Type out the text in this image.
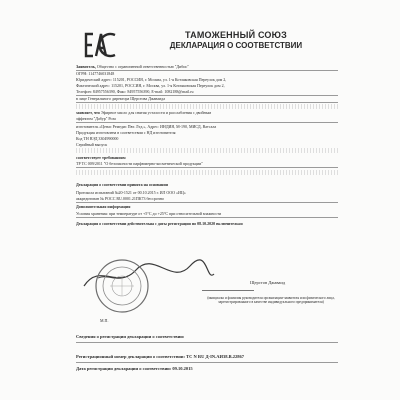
ТАМОЖЕННЫЙ СОЮЗ
ДЕКЛАРАЦИЯ О СООТВЕТСТВИИ
Заявитель, Общество с ограниченной ответственностью "Дибис"
ОГРН: 1147746031848
Юридический адрес: 115201, РОССИЯ, г. Москва, ул. 1-я Котляковская Переулок дом 2,
Фактический адрес: 115201, РОССИЯ, г. Москва, ул. 1-я Котляковская Переулок дом 2,
Телефон: 84957556390, Факс: 84957556390, E-mail: 1082188@mail.ru
в лице Генерального директора Щерстова Джаваида
заявляет, что Эфирное масло для снятия усталости и расслабления с двойным
эффектом "Дабур" Роза
изготовитель «Ценас Ремедис Пвт. Лтд.», Адрес: ИНДИЯ, М-190, МИСД, Ватсала
Продукция изготовлена в соответствии с НД изготовителя
Код ТН ВЭД 3304990000
Серийный выпуск
соответствует требованиям
ТР ТС 009/2011 "О безопасности парфюмерно-косметической продукции"
Декларация о соответствии принята на основании
Протокола испытаний №20-1521 от 00.10.2015 г. ИЛ ООО «ИЦ»
аккредитован № РОСС RU.0001.21ПК73 бессрочно
Дополнительная информация
Условия хранения: при температуре от +5°С до +25°С при относительной влажности
Декларация о соответствии действительна с даты регистрации по 08.10.2020 включительно
Щерстов Джаваид
(инициалы и фамилия руководителя организации-заявителя или физического лица, зарегистрированного в качестве индивидуального предпринимателя)
М.П.
Сведения о регистрации декларации о соответствии:
Регистрационный номер декларации о соответствии: ТС N RU Д-IN.АИ38.В.22867
Дата регистрации декларации о соответствии: 09.10.2015
